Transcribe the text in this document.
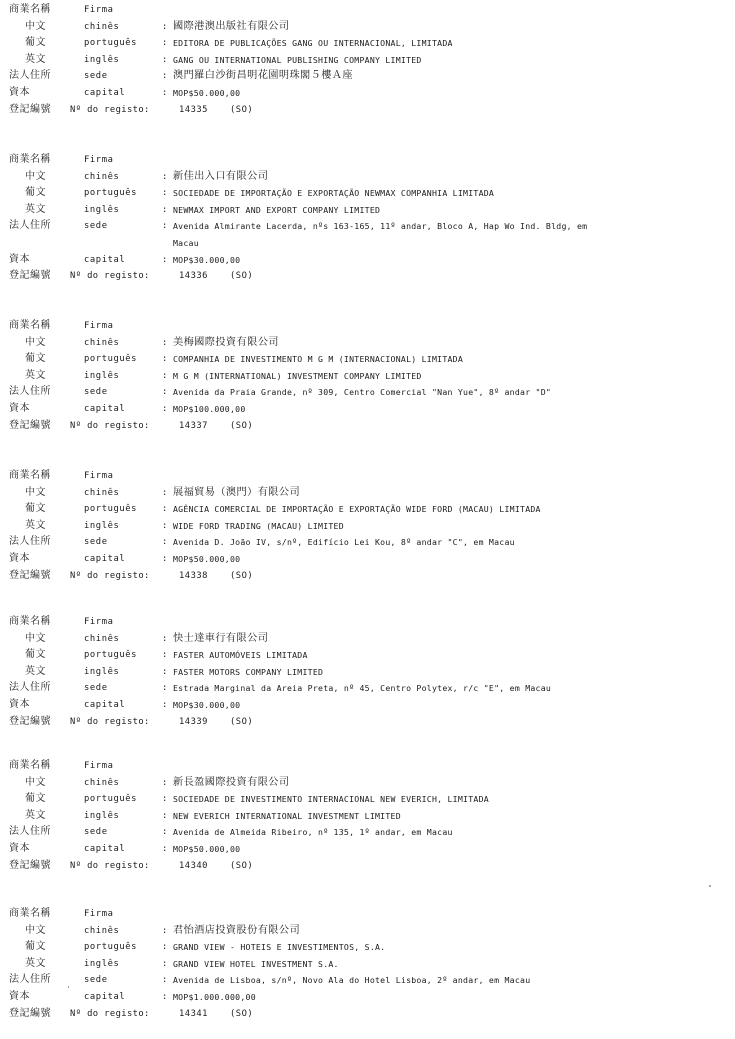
商業名稱	Firma
中文	chinês	: 國際港澳出版社有限公司
葡文	português	: EDITORA DE PUBLICAÇÕES GANG OU INTERNACIONAL, LIMITADA
英文	inglês	: GANG OU INTERNATIONAL PUBLISHING COMPANY LIMITED
法人住所	sede	: 澳門羅白沙街昌明花園明珠閣５樓Ａ座
資本	capital	: MOP$50.000,00
登記編號 Nº do registo:	14335	(SO)
商業名稱	Firma
中文	chinês	: 新佳出入口有限公司
葡文	português	: SOCIEDADE DE IMPORTAÇÃO E EXPORTAÇÃO NEWMAX COMPANHIA LIMITADA
英文	inglês	: NEWMAX IMPORT AND EXPORT COMPANY LIMITED
法人住所	sede	: Avenida Almirante Lacerda, nºs 163-165, 11º andar, Bloco A, Hap Wo Ind. Bldg, em
Macau
資本	capital	: MOP$30.000,00
登記編號 Nº do registo:	14336	(SO)
商業名稱	Firma
中文	chinês	: 美梅國際投資有限公司
葡文	português	: COMPANHIA DE INVESTIMENTO M G M (INTERNACIONAL) LIMITADA
英文	inglês	: M G M (INTERNATIONAL) INVESTMENT COMPANY LIMITED
法人住所	sede	: Avenida da Praia Grande, nº 309, Centro Comercial "Nan Yue", 8º andar "D"
資本	capital	: MOP$100.000,00
登記編號 Nº do registo:	14337	(SO)
商業名稱	Firma
中文	chinês	: 展福貿易（澳門）有限公司
葡文	português	: AGÊNCIA COMERCIAL DE IMPORTAÇÃO E EXPORTAÇÃO WIDE FORD (MACAU) LIMITADA
英文	inglês	: WIDE FORD TRADING (MACAU) LIMITED
法人住所	sede	: Avenida D. João IV, s/nº, Edifício Lei Kou, 8º andar "C", em Macau
資本	capital	: MOP$50.000,00
登記編號 Nº do registo:	14338	(SO)
商業名稱	Firma
中文	chinês	: 快士達車行有限公司
葡文	português	: FASTER AUTOMÓVEIS LIMITADA
英文	inglês	: FASTER MOTORS COMPANY LIMITED
法人住所	sede	: Estrada Marginal da Areia Preta, nº 45, Centro Polytex, r/c "E", em Macau
資本	capital	: MOP$30.000,00
登記編號 Nº do registo:	14339	(SO)
商業名稱	Firma
中文	chinês	: 新長盈國際投資有限公司
葡文	português	: SOCIEDADE DE INVESTIMENTO INTERNACIONAL NEW EVERICH, LIMITADA
英文	inglês	: NEW EVERICH INTERNATIONAL INVESTMENT LIMITED
法人住所	sede	: Avenida de Almeida Ribeiro, nº 135, 1º andar, em Macau
資本	capital	: MOP$50.000,00
登記編號 Nº do registo:	14340	(SO)
商業名稱	Firma
中文	chinês	: 君怡酒店投資股份有限公司
葡文	português	: GRAND VIEW - HOTEIS E INVESTIMENTOS, S.A.
英文	inglês	: GRAND VIEW HOTEL INVESTMENT S.A.
法人住所	sede	: Avenida de Lisboa, s/nº, Novo Ala do Hotel Lisboa, 2º andar, em Macau
資本	capital	: MOP$1.000.000,00
登記編號 Nº do registo:	14341	(SO)
